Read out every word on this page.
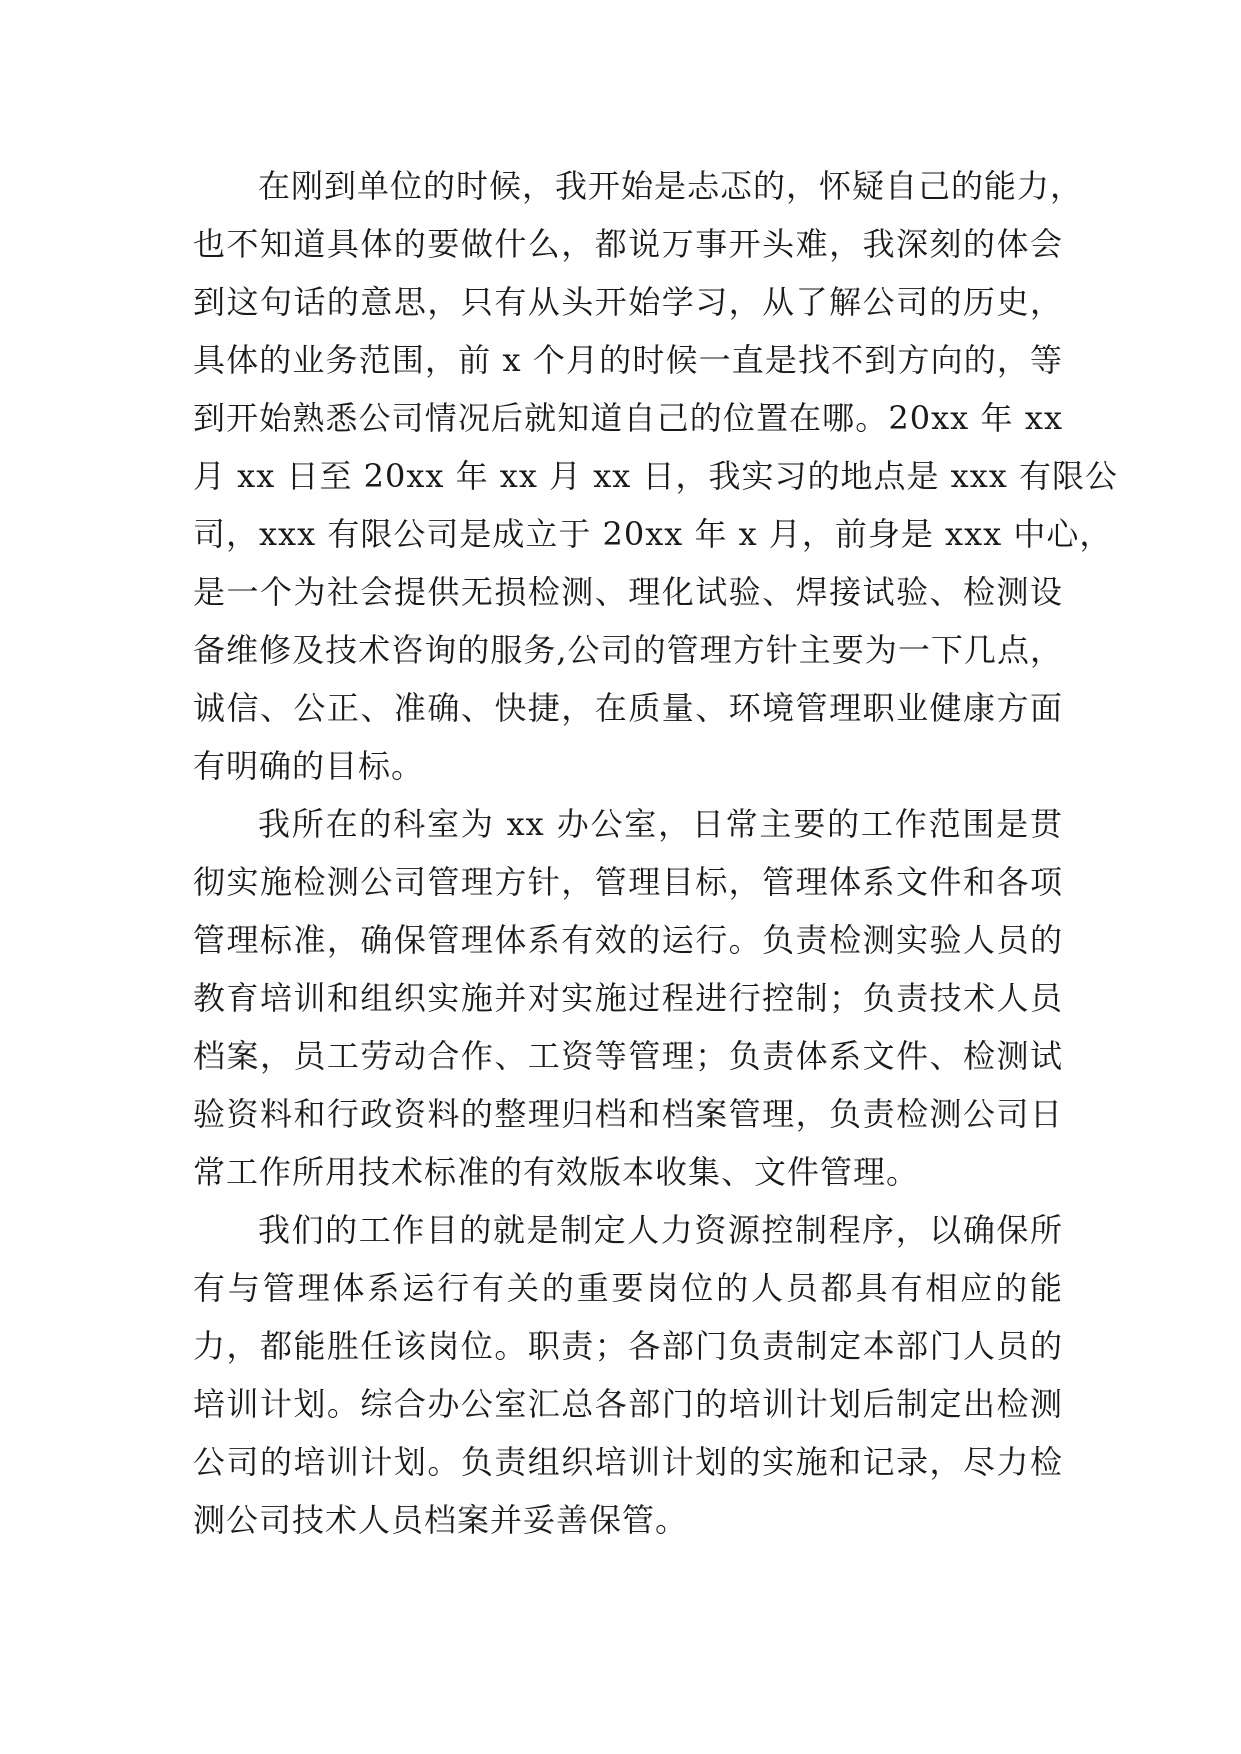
在刚到单位的时候，我开始是忐忑的，怀疑自己的能力，
也不知道具体的要做什么，都说万事开头难，我深刻的体会
到这句话的意思，只有从头开始学习，从了解公司的历史，
具体的业务范围，前 x 个月的时候一直是找不到方向的，等
到开始熟悉公司情况后就知道自己的位置在哪。20xx 年 xx
月 xx 日至 20xx 年 xx 月 xx 日，我实习的地点是 xxx 有限公
司，xxx 有限公司是成立于 20xx 年 x 月，前身是 xxx 中心，
是一个为社会提供无损检测、理化试验、焊接试验、检测设
备维修及技术咨询的服务,公司的管理方针主要为一下几点，
诚信、公正、准确、快捷，在质量、环境管理职业健康方面
有明确的目标。
我所在的科室为 xx 办公室，日常主要的工作范围是贯
彻实施检测公司管理方针，管理目标，管理体系文件和各项
管理标准，确保管理体系有效的运行。负责检测实验人员的
教育培训和组织实施并对实施过程进行控制；负责技术人员
档案，员工劳动合作、工资等管理；负责体系文件、检测试
验资料和行政资料的整理归档和档案管理，负责检测公司日
常工作所用技术标准的有效版本收集、文件管理。
我们的工作目的就是制定人力资源控制程序，以确保所
有与管理体系运行有关的重要岗位的人员都具有相应的能
力，都能胜任该岗位。职责；各部门负责制定本部门人员的
培训计划。综合办公室汇总各部门的培训计划后制定出检测
公司的培训计划。负责组织培训计划的实施和记录，尽力检
测公司技术人员档案并妥善保管。
